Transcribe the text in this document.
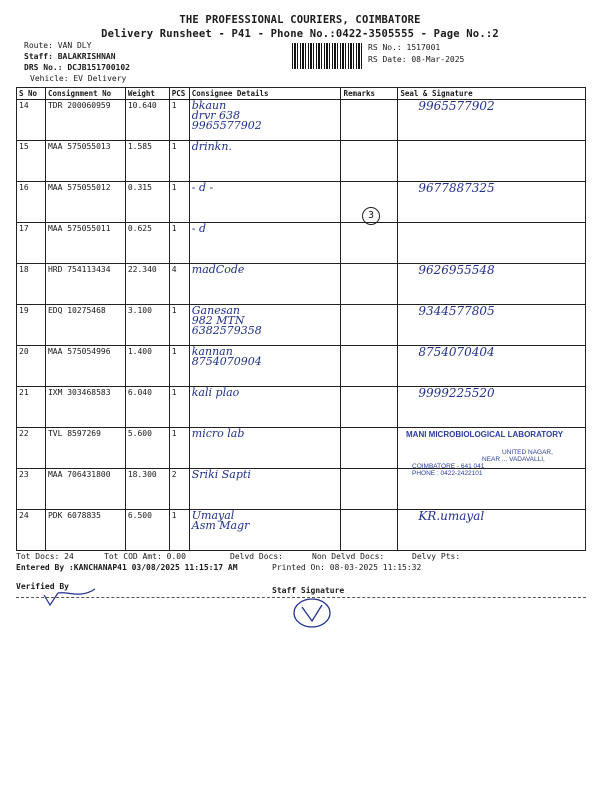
THE PROFESSIONAL COURIERS, COIMBATORE
Delivery Runsheet - P41 - Phone No.:0422-3505555 - Page No.:2
Route: VAN DLY
Staff: BALAKRISHNAN
DRS No.: DCJB151700102
Vehicle: EV Delivery
RS No.: 1517001
RS Date: 08-Mar-2025
S No	Consignment No	Weight	PCS	Consignee Details	Remarks	Seal & Signature
14	TDR 200060959	10.640	1	bkaun
drvr 638
9965577902		9965577902
15	MAA 575055013	1.585	1	drinkn.		
16	MAA 575055012	0.315	1	- d -		9677887325
17	MAA 575055011	0.625	1	- d		
18	HRD 754113434	22.340	4	madCode		9626955548
19	EDQ 10275468	3.100	1	Ganesan
982 MTN
6382579358		9344577805
20	MAA 575054996	1.400	1	kannan
8754070904		8754070404
21	IXM 303468583	6.040	1	kali plao		9999225520
22	TVL 8597269	5.600	1	micro lab		
23	MAA 706431800	18.300	2	Sriki Sapti		
24	PDK 6078835	6.500	1	Umayal
Asm Magr		KR.umayal
3
MANI MICROBIOLOGICAL LABORATORY
UNITED NAGAR,
NEAR ... VADAVALLI,
COIMBATORE - 641 041
PHONE : 0422-2422101
Tot Docs: 24	Tot COD Amt: 0.00	Delvd Docs:	Non Delvd Docs:	Delvy Pts:
Entered By :KANCHANAP41 03/08/2025 11:15:17 AM	Printed On: 08-03-2025 11:15:32
Verified By	Staff Signature
